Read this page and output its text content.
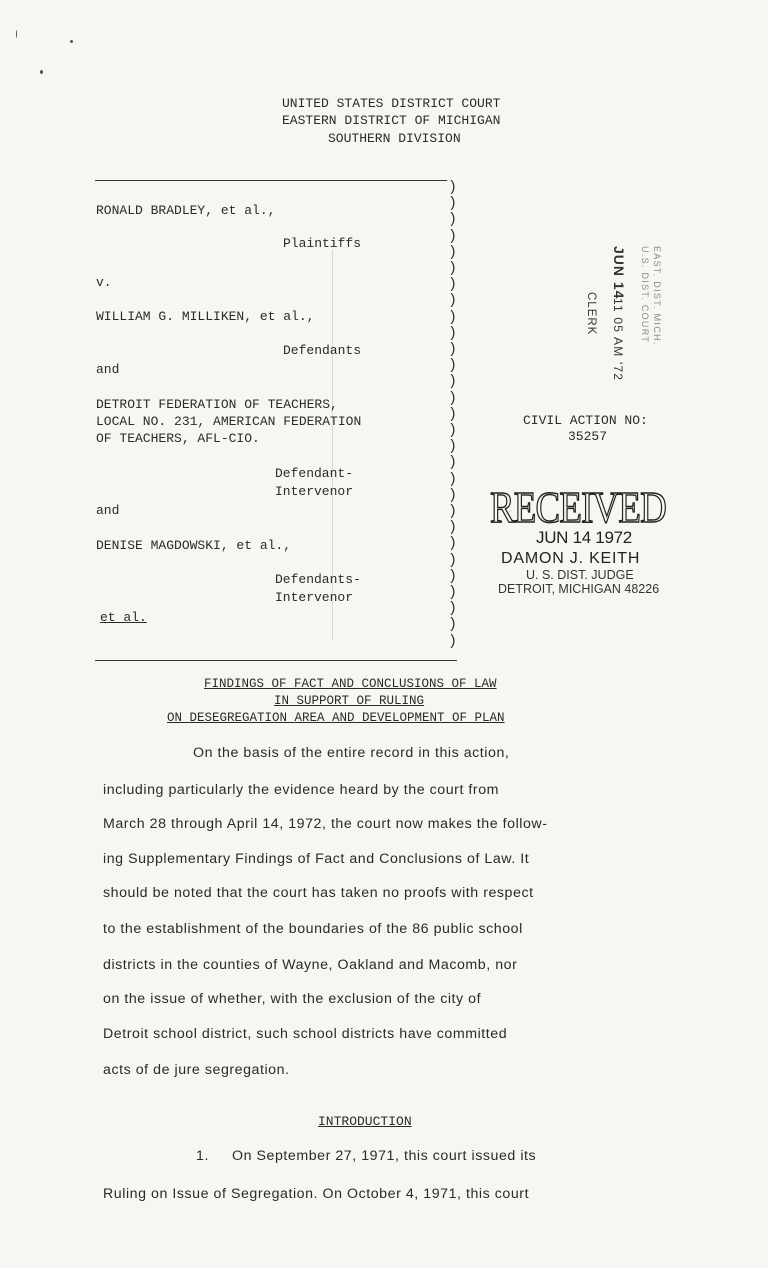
UNITED STATES DISTRICT COURT
EASTERN DISTRICT OF MICHIGAN
SOUTHERN DIVISION
)
)
)
)
)
)
)
)
)
)
)
)
)
)
)
)
)
)
)
)
)
)
)
)
)
)
)
)
)
RONALD BRADLEY, et al.,
Plaintiffs
v.
WILLIAM G. MILLIKEN, et al.,
Defendants
and
DETROIT FEDERATION OF TEACHERS,
LOCAL NO. 231, AMERICAN FEDERATION
OF TEACHERS, AFL-CIO.
Defendant-
Intervenor
and
DENISE MAGDOWSKI, et al.,
Defendants-
Intervenor
et al.
JUN 14
11 05 AM '72
CLERK	U.S. DIST. COURT EAST. DIST. MICH.
CIVIL ACTION NO:
35257
RECEIVED
JUN 14 1972
DAMON J. KEITH
U. S. DIST. JUDGE
DETROIT, MICHIGAN 48226
FINDINGS OF FACT AND CONCLUSIONS OF LAW
IN SUPPORT OF RULING
ON DESEGREGATION AREA AND DEVELOPMENT OF PLAN
On the basis of the entire record in this action,
including particularly the evidence heard by the court from
March 28 through April 14, 1972, the court now makes the follow-
ing Supplementary Findings of Fact and Conclusions of Law. It
should be noted that the court has taken no proofs with respect
to the establishment of the boundaries of the 86 public school
districts in the counties of Wayne, Oakland and Macomb, nor
on the issue of whether, with the exclusion of the city of
Detroit school district, such school districts have committed
acts of de jure segregation.
INTRODUCTION
1. On September 27, 1971, this court issued its
Ruling on Issue of Segregation. On October 4, 1971, this court
